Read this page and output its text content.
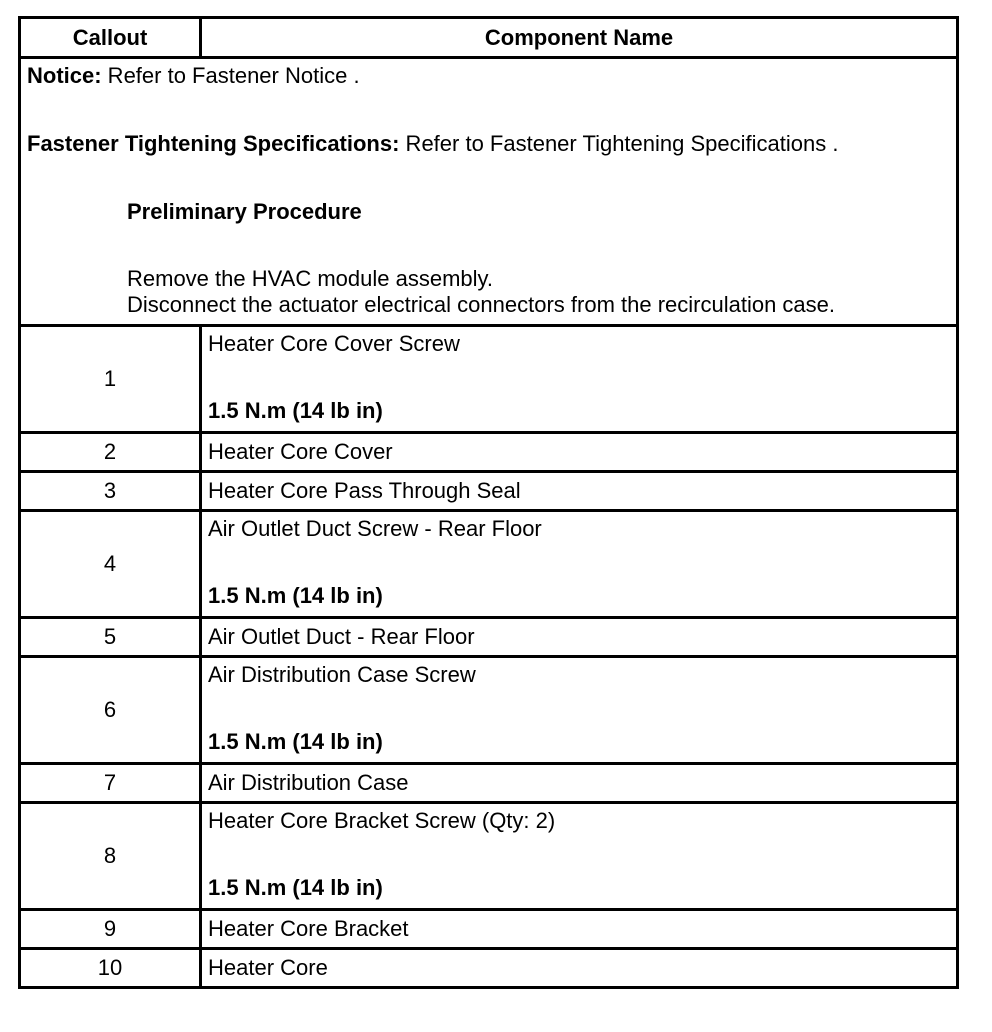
Callout	Component Name

Notice: Refer to Fastener Notice .

Fastener Tightening Specifications: Refer to Fastener Tightening Specifications .

Preliminary Procedure

Remove the HVAC module assembly.

Disconnect the actuator electrical connectors from the recirculation case.	

1	Heater Core Cover Screw
1.5 N.m (14 lb in)

2	Heater Core Cover
3	Heater Core Pass Through Seal
4	Air Outlet Duct Screw - Rear Floor
1.5 N.m (14 lb in)

5	Air Outlet Duct - Rear Floor
6	Air Distribution Case Screw
1.5 N.m (14 lb in)

7	Air Distribution Case
8	Heater Core Bracket Screw (Qty: 2)
1.5 N.m (14 lb in)

9	Heater Core Bracket
10	Heater Core
